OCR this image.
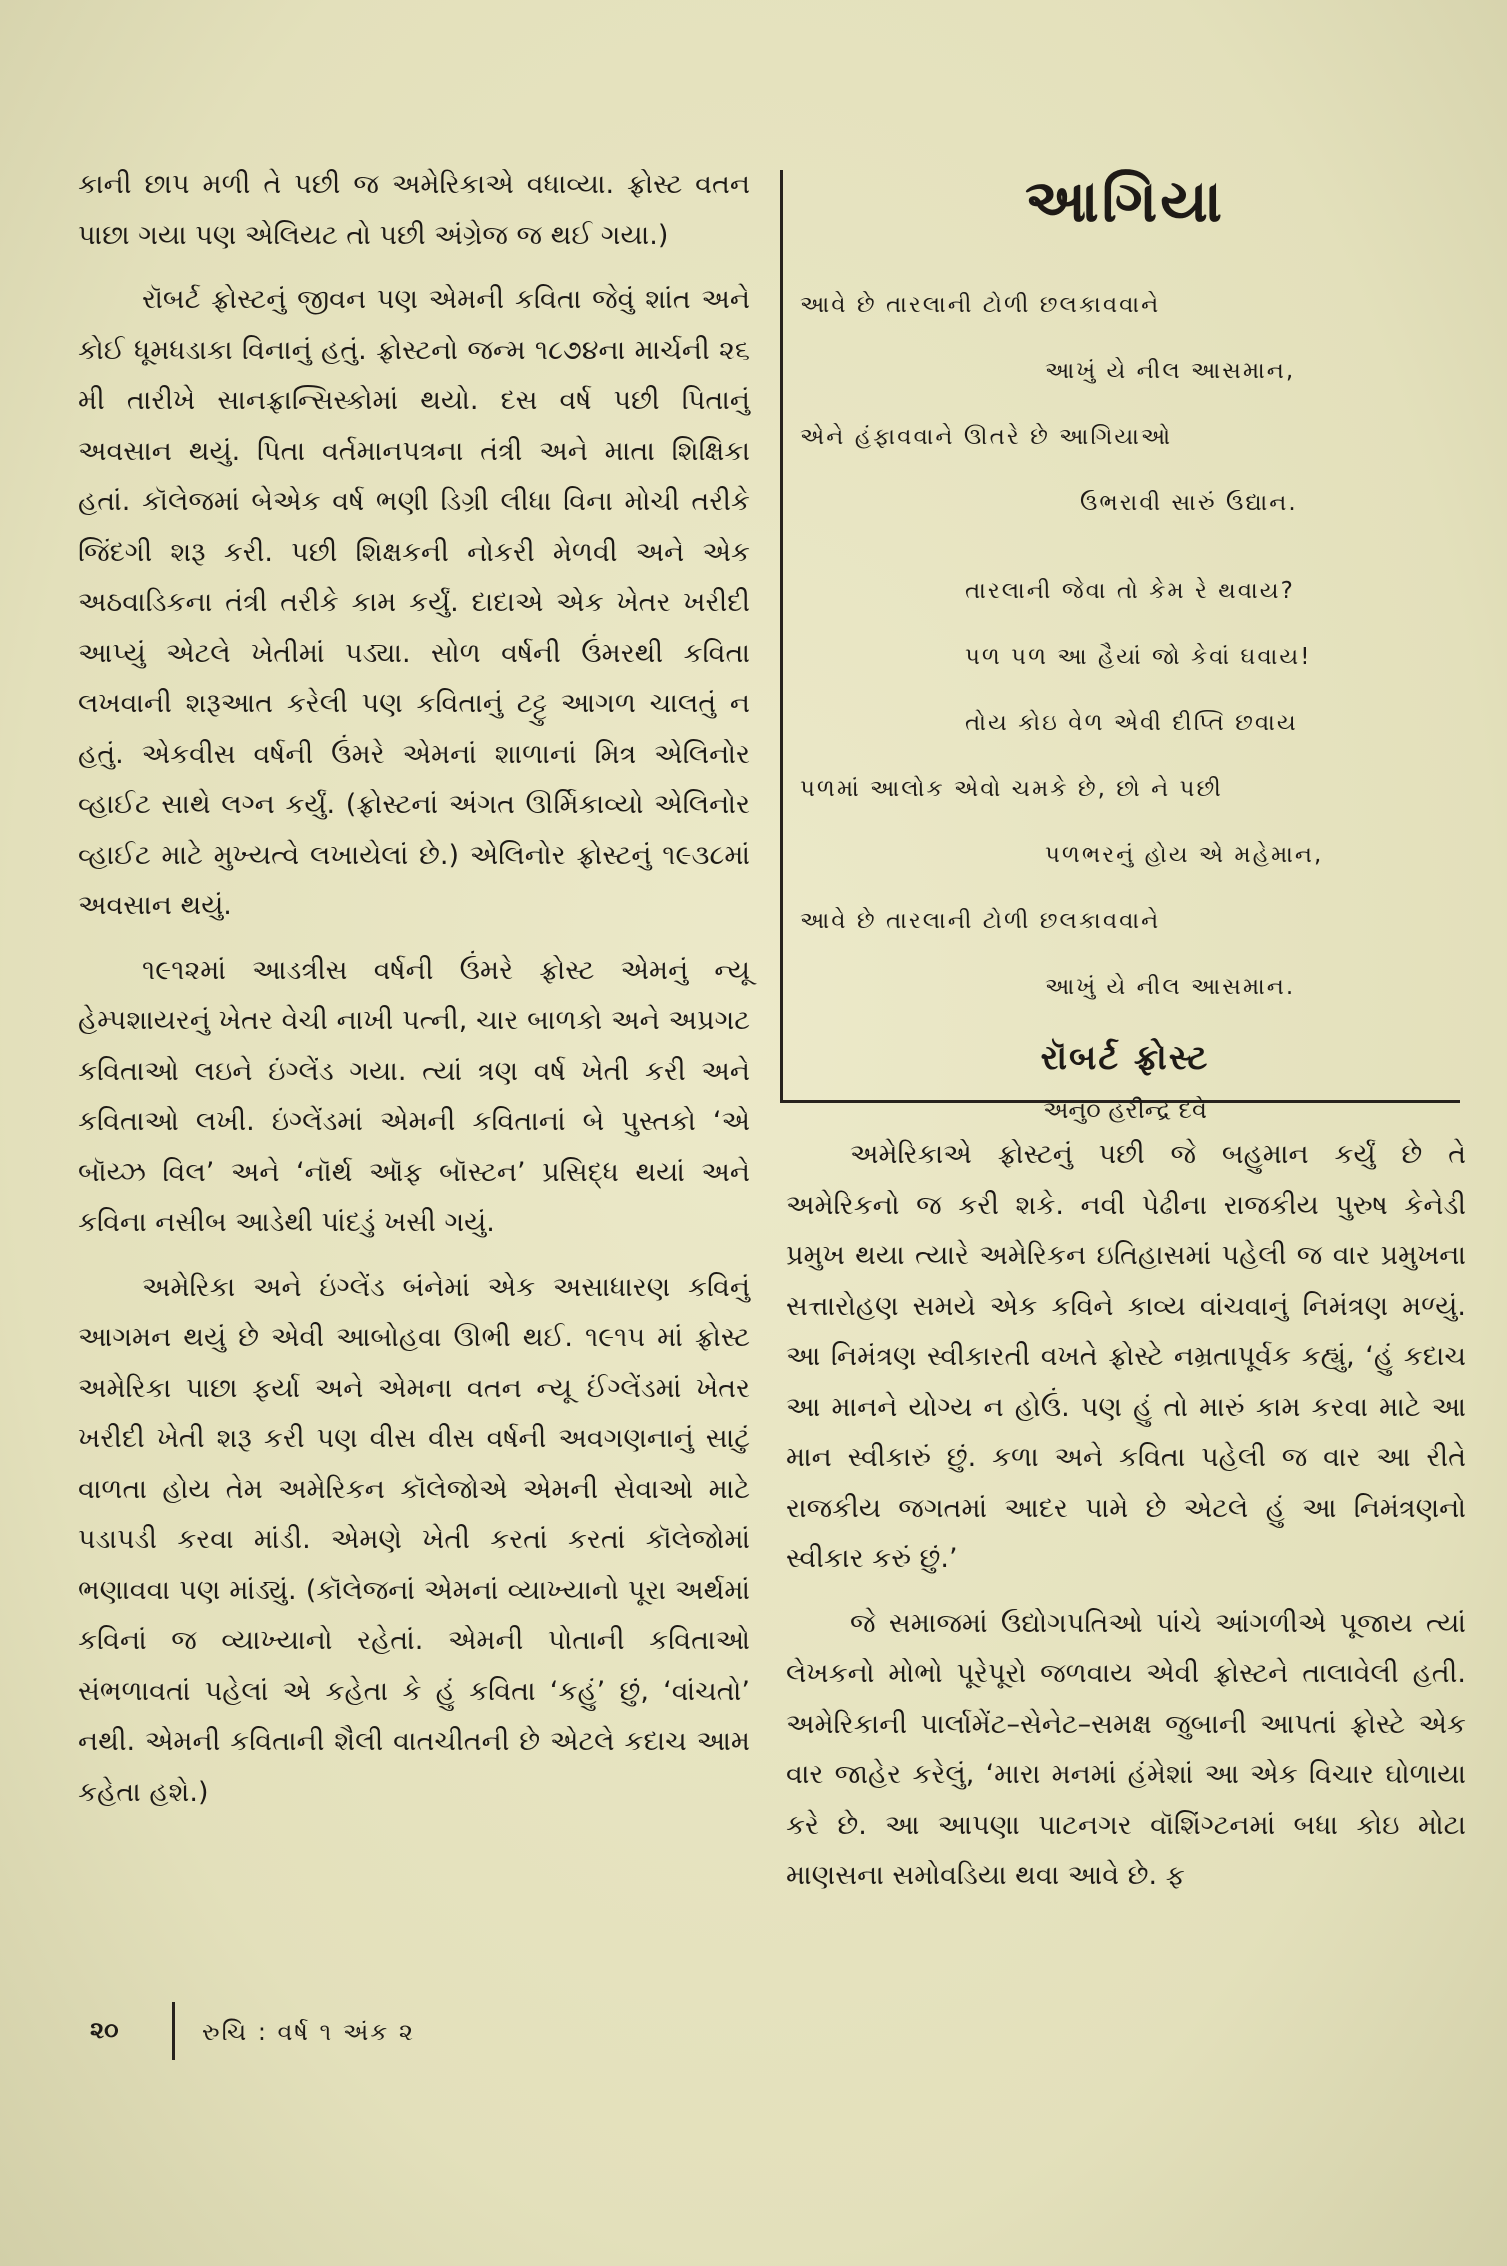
કાની છાપ મળી તે પછી જ અમેરિકાએ વધાવ્યા. ફ્રોસ્ટ વતન પાછા ગયા પણ એલિયટ તો પછી અંગ્રેજ જ થઈ ગયા.)

રૉબર્ટ ફ્રોસ્ટનું જીવન પણ એમની કવિતા જેવું શાંત અને કોઈ ધૂમધડાકા વિનાનું હતું. ફ્રોસ્ટનો જન્મ ૧૮૭૪ના માર્ચની ૨૬ મી તારીખે સાનફ્રાન્સિસ્કોમાં થયો. દસ વર્ષ પછી પિતાનું અવસાન થયું. પિતા વર્તમાનપત્રના તંત્રી અને માતા શિક્ષિકા હતાં. કૉલેજમાં બેએક વર્ષ ભણી ડિગ્રી લીધા વિના મોચી તરીકે જિંદગી શરૂ કરી. પછી શિક્ષકની નોકરી મેળવી અને એક અઠવાડિકના તંત્રી તરીકે કામ કર્યું. દાદાએ એક ખેતર ખરીદી આપ્યું એટલે ખેતીમાં પડ્યા. સોળ વર્ષની ઉંમરથી કવિતા લખવાની શરૂઆત કરેલી પણ કવિતાનું ટટ્ટુ આગળ ચાલતું ન હતું. એકવીસ વર્ષની ઉંમરે એમનાં શાળાનાં મિત્ર એલિનોર વ્હાઈટ સાથે લગ્ન કર્યું. (ફ્રોસ્ટનાં અંગત ઊર્મિકાવ્યો એલિનોર વ્હાઈટ માટે મુખ્યત્વે લખાયેલાં છે.) એલિનોર ફ્રોસ્ટનું ૧૯૩૮માં અવસાન થયું.

૧૯૧૨માં આડત્રીસ વર્ષની ઉંમરે ફ્રોસ્ટ એમનું ન્યૂ હેમ્પશાયરનું ખેતર વેચી નાખી પત્ની, ચાર બાળકો અને અપ્રગટ કવિતાઓ લઇને ઇંગ્લેંડ ગયા. ત્યાં ત્રણ વર્ષ ખેતી કરી અને કવિતાઓ લખી. ઇંગ્લેંડમાં એમની કવિતાનાં બે પુસ્તકો ‘એ બૉય્ઝ વિલ’ અને ‘નૉર્થ ઑફ બૉસ્ટન’ પ્રસિદ્ધ થયાં અને કવિના નસીબ આડેથી પાંદડું ખસી ગયું.

અમેરિકા અને ઇંગ્લેંડ બંનેમાં એક અસાધારણ કવિનું આગમન થયું છે એવી આબોહવા ઊભી થઈ. ૧૯૧૫ માં ફ્રોસ્ટ અમેરિકા પાછા ફર્યા અને એમના વતન ન્યૂ ઈંગ્લેંડમાં ખેતર ખરીદી ખેતી શરૂ કરી પણ વીસ વીસ વર્ષની અવગણનાનું સાટું વાળતા હોય તેમ અમેરિકન કૉલેજોએ એમની સેવાઓ માટે પડાપડી કરવા માંડી. એમણે ખેતી કરતાં કરતાં કૉલેજોમાં ભણાવવા પણ માંડ્યું. (કૉલેજનાં એમનાં વ્યાખ્યાનો પૂરા અર્થમાં કવિનાં જ વ્યાખ્યાનો રહેતાં. એમની પોતાની કવિતાઓ સંભળાવતાં પહેલાં એ કહેતા કે હું કવિતા ‘કહું’ છું, ‘વાંચતો’ નથી. એમની કવિતાની શૈલી વાતચીતની છે એટલે કદાચ આમ કહેતા હશે.)

આગિયા
આવે છે તારલાની ટોળી છલકાવવાને
આખું યે નીલ આસમાન,
એને હંફાવવાને ઊતરે છે આગિયાઓ
ઉભરાવી સારું ઉદ્યાન.
તારલાની જેવા તો કેમ રે થવાય?
પળ પળ આ હૈયાં જો કેવાં ઘવાય!
તોય કોઇ વેળ એવી દીપ્તિ છવાય
પળમાં આલોક એવો ચમકે છે, છો ને પછી
પળભરનું હોય એ મહેમાન,
આવે છે તારલાની ટોળી છલકાવવાને
આખું યે નીલ આસમાન.
રૉબર્ટ ફ્રોસ્ટ
અનુ૦ હરીન્દ્ર દવે

અમેરિકાએ ફ્રોસ્ટનું પછી જે બહુમાન કર્યું છે તે અમેરિકનો જ કરી શકે. નવી પેઢીના રાજકીય પુરુષ કેનેડી પ્રમુખ થયા ત્યારે અમેરિકન ઇતિહાસમાં પહેલી જ વાર પ્રમુખના સત્તારોહણ સમયે એક કવિને કાવ્ય વાંચવાનું નિમંત્રણ મળ્યું. આ નિમંત્રણ સ્વીકારતી વખતે ફ્રોસ્ટે નમ્રતાપૂર્વક કહ્યું, ‘હું કદાચ આ માનને યોગ્ય ન હોઉં. પણ હું તો મારું કામ કરવા માટે આ માન સ્વીકારું છું. કળા અને કવિતા પહેલી જ વાર આ રીતે રાજકીય જગતમાં આદર પામે છે એટલે હું આ નિમંત્રણનો સ્વીકાર કરું છું.’

જે સમાજમાં ઉદ્યોગપતિઓ પાંચે આંગળીએ પૂજાય ત્યાં લેખકનો મોભો પૂરેપૂરો જળવાય એવી ફ્રોસ્ટને તાલાવેલી હતી. અમેરિકાની પાર્લામેંટ–સેનેટ–સમક્ષ જુબાની આપતાં ફ્રોસ્ટે એક વાર જાહેર કરેલું, ‘મારા મનમાં હંમેશાં આ એક વિચાર ઘોળાયા કરે છે. આ આપણા પાટનગર વૉશિંગ્ટનમાં બધા કોઇ મોટા માણસના સમોવડિયા થવા આવે છે. ફ

૨૦	રુચિ : વર્ષ ૧ અંક ૨
